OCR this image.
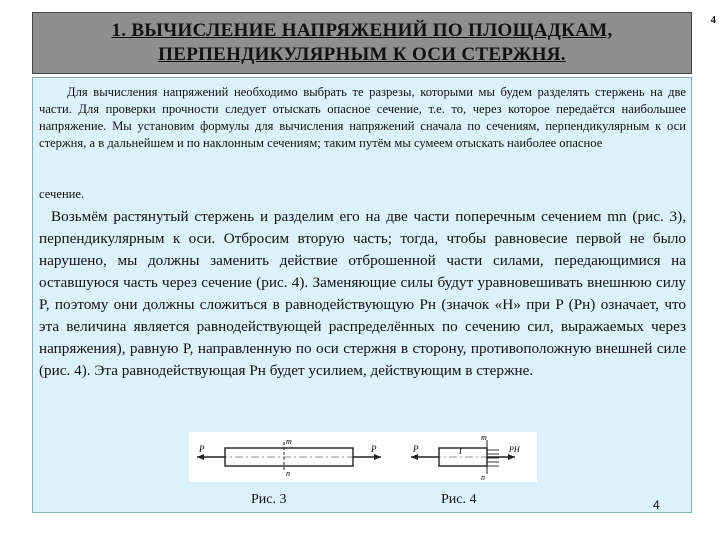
4
1. ВЫЧИСЛЕНИЕ НАПРЯЖЕНИЙ ПО ПЛОЩАДКАМ,
ПЕРПЕНДИКУЛЯРНЫМ К ОСИ СТЕРЖНЯ.

Для вычисления напряжений необходимо выбрать те разрезы, которыми мы будем разделять стержень на две части. Для проверки прочности следует отыскать опасное сечение, т.е. то, через которое передаётся наибольшее напряжение. Мы установим формулы для вычисления напряжений сначала по сечениям, перпендикулярным к оси стержня, а в дальнейшем и по наклонным сечениям; таким путём мы сумеем отыскать наиболее опасное

сечение.

Возьмём растянутый стержень и разделим его на две части поперечным сечением mn (рис. 3), перпендикулярным к оси. Отбросим вторую часть; тогда, чтобы равновесие первой не было нарушено, мы должны заменить действие отброшенной части силами, передающимися на оставшуюся часть через сечение (рис. 4). Заменяющие силы будут уравновешивать внешнюю силу P, поэтому они должны сложиться в равнодействующую Pн (значок «Н» при P (Pн) означает, что эта величина является равнодействующей распределённых по сечению сил, выражаемых через напряжения), равную P, направленную по оси стержня в сторону, противоположную внешней силе (рис. 4). Эта равнодействующая Pн будет усилием, действующим в стержне.

P
m
n
P	P	I
m
n
PН
Рис. 3	Рис. 4	4
